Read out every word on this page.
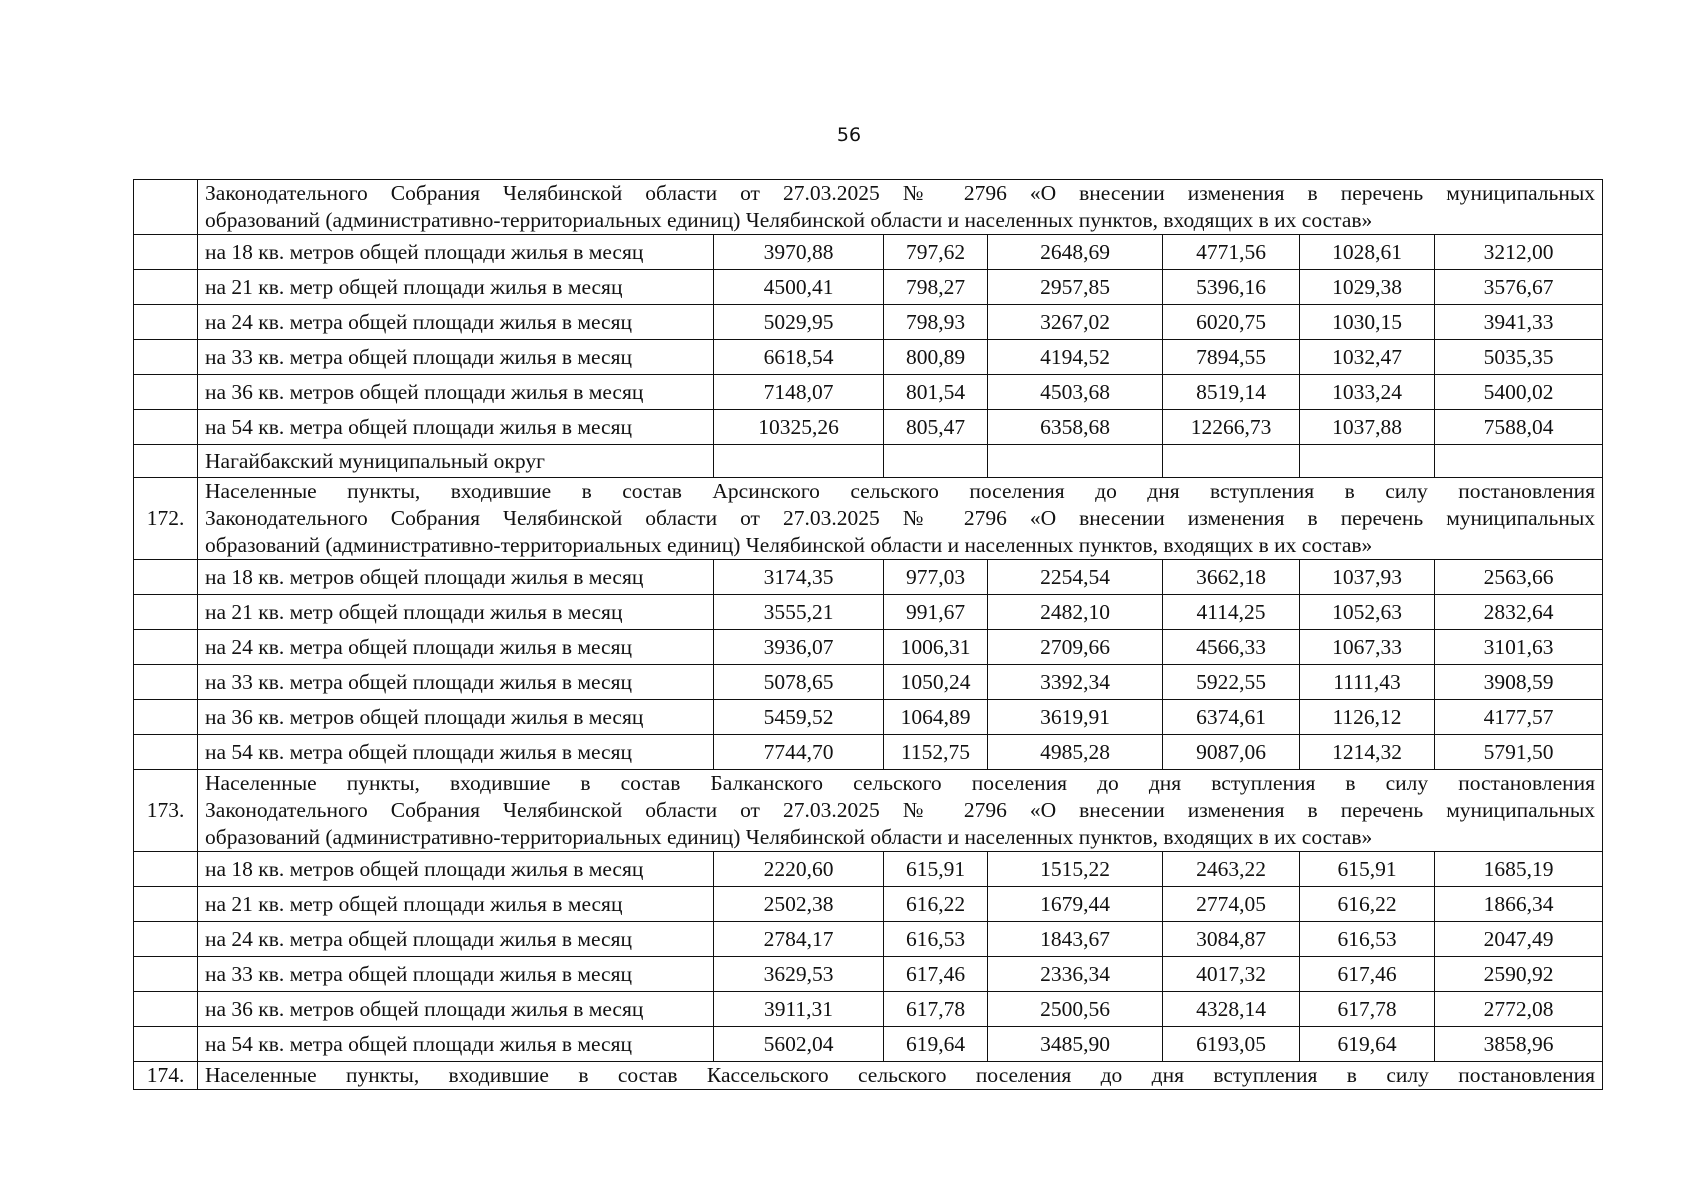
56

	Законодательного Собрания Челябинской области от 27.03.2025 № 2796 «О внесении изменения в перечень муниципальных
образований (административно-территориальных единиц) Челябинской области и населенных пунктов, входящих в их состав»						

	на 18 кв. метров общей площади жилья в месяц	3970,88	797,62	2648,69	4771,56	1028,61	3212,00
	на 21 кв. метр общей площади жилья в месяц	4500,41	798,27	2957,85	5396,16	1029,38	3576,67
	на 24 кв. метра общей площади жилья в месяц	5029,95	798,93	3267,02	6020,75	1030,15	3941,33
	на 33 кв. метра общей площади жилья в месяц	6618,54	800,89	4194,52	7894,55	1032,47	5035,35
	на 36 кв. метров общей площади жилья в месяц	7148,07	801,54	4503,68	8519,14	1033,24	5400,02
	на 54 кв. метра общей площади жилья в месяц	10325,26	805,47	6358,68	12266,73	1037,88	7588,04
	Нагайбакский муниципальный округ						
172.	Населенные пункты, входившие в состав Арсинского сельского поселения до дня вступления в силу постановления
Законодательного Собрания Челябинской области от 27.03.2025 № 2796 «О внесении изменения в перечень муниципальных
образований (административно-территориальных единиц) Челябинской области и населенных пунктов, входящих в их состав»						

	на 18 кв. метров общей площади жилья в месяц	3174,35	977,03	2254,54	3662,18	1037,93	2563,66
	на 21 кв. метр общей площади жилья в месяц	3555,21	991,67	2482,10	4114,25	1052,63	2832,64
	на 24 кв. метра общей площади жилья в месяц	3936,07	1006,31	2709,66	4566,33	1067,33	3101,63
	на 33 кв. метра общей площади жилья в месяц	5078,65	1050,24	3392,34	5922,55	1111,43	3908,59
	на 36 кв. метров общей площади жилья в месяц	5459,52	1064,89	3619,91	6374,61	1126,12	4177,57
	на 54 кв. метра общей площади жилья в месяц	7744,70	1152,75	4985,28	9087,06	1214,32	5791,50
173.	Населенные пункты, входившие в состав Балканского сельского поселения до дня вступления в силу постановления
Законодательного Собрания Челябинской области от 27.03.2025 № 2796 «О внесении изменения в перечень муниципальных
образований (административно-территориальных единиц) Челябинской области и населенных пунктов, входящих в их состав»						

	на 18 кв. метров общей площади жилья в месяц	2220,60	615,91	1515,22	2463,22	615,91	1685,19
	на 21 кв. метр общей площади жилья в месяц	2502,38	616,22	1679,44	2774,05	616,22	1866,34
	на 24 кв. метра общей площади жилья в месяц	2784,17	616,53	1843,67	3084,87	616,53	2047,49
	на 33 кв. метра общей площади жилья в месяц	3629,53	617,46	2336,34	4017,32	617,46	2590,92
	на 36 кв. метров общей площади жилья в месяц	3911,31	617,78	2500,56	4328,14	617,78	2772,08
	на 54 кв. метра общей площади жилья в месяц	5602,04	619,64	3485,90	6193,05	619,64	3858,96
174.	Населенные пункты, входившие в состав Кассельского сельского поселения до дня вступления в силу постановления						
